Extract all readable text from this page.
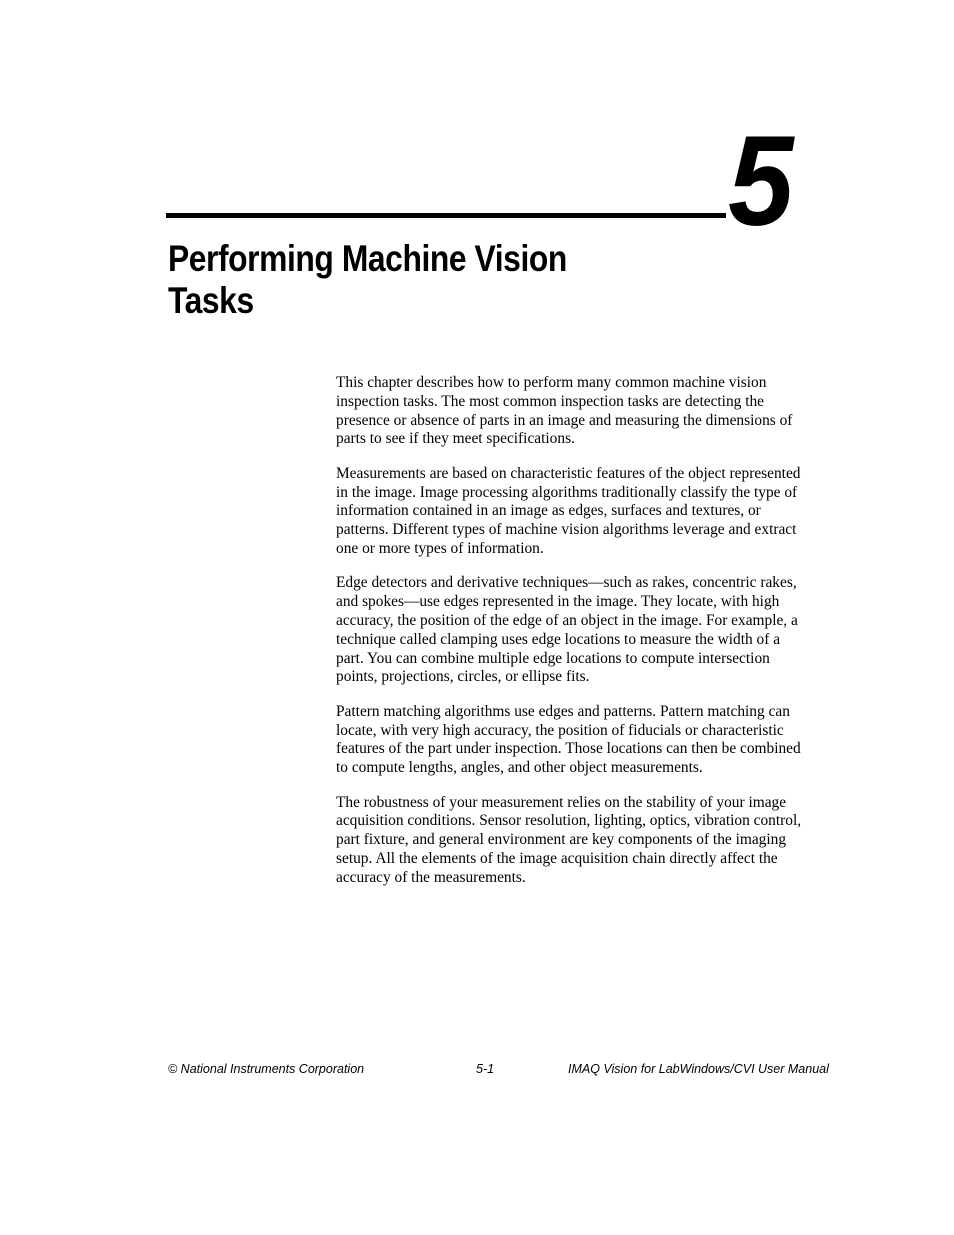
5
Performing Machine Vision
Tasks

This chapter describes how to perform many common machine vision inspection tasks. The most common inspection tasks are detecting the presence or absence of parts in an image and measuring the dimensions of parts to see if they meet specifications.

Measurements are based on characteristic features of the object represented in the image. Image processing algorithms traditionally classify the type of information contained in an image as edges, surfaces and textures, or patterns. Different types of machine vision algorithms leverage and extract one or more types of information.

Edge detectors and derivative techniques—such as rakes, concentric rakes, and spokes—use edges represented in the image. They locate, with high accuracy, the position of the edge of an object in the image. For example, a technique called clamping uses edge locations to measure the width of a part. You can combine multiple edge locations to compute intersection points, projections, circles, or ellipse fits.

Pattern matching algorithms use edges and patterns. Pattern matching can locate, with very high accuracy, the position of fiducials or characteristic features of the part under inspection. Those locations can then be combined to compute lengths, angles, and other object measurements.

The robustness of your measurement relies on the stability of your image acquisition conditions. Sensor resolution, lighting, optics, vibration control, part fixture, and general environment are key components of the imaging setup. All the elements of the image acquisition chain directly affect the accuracy of the measurements.

© National Instruments Corporation	5-1	IMAQ Vision for LabWindows/CVI User Manual
